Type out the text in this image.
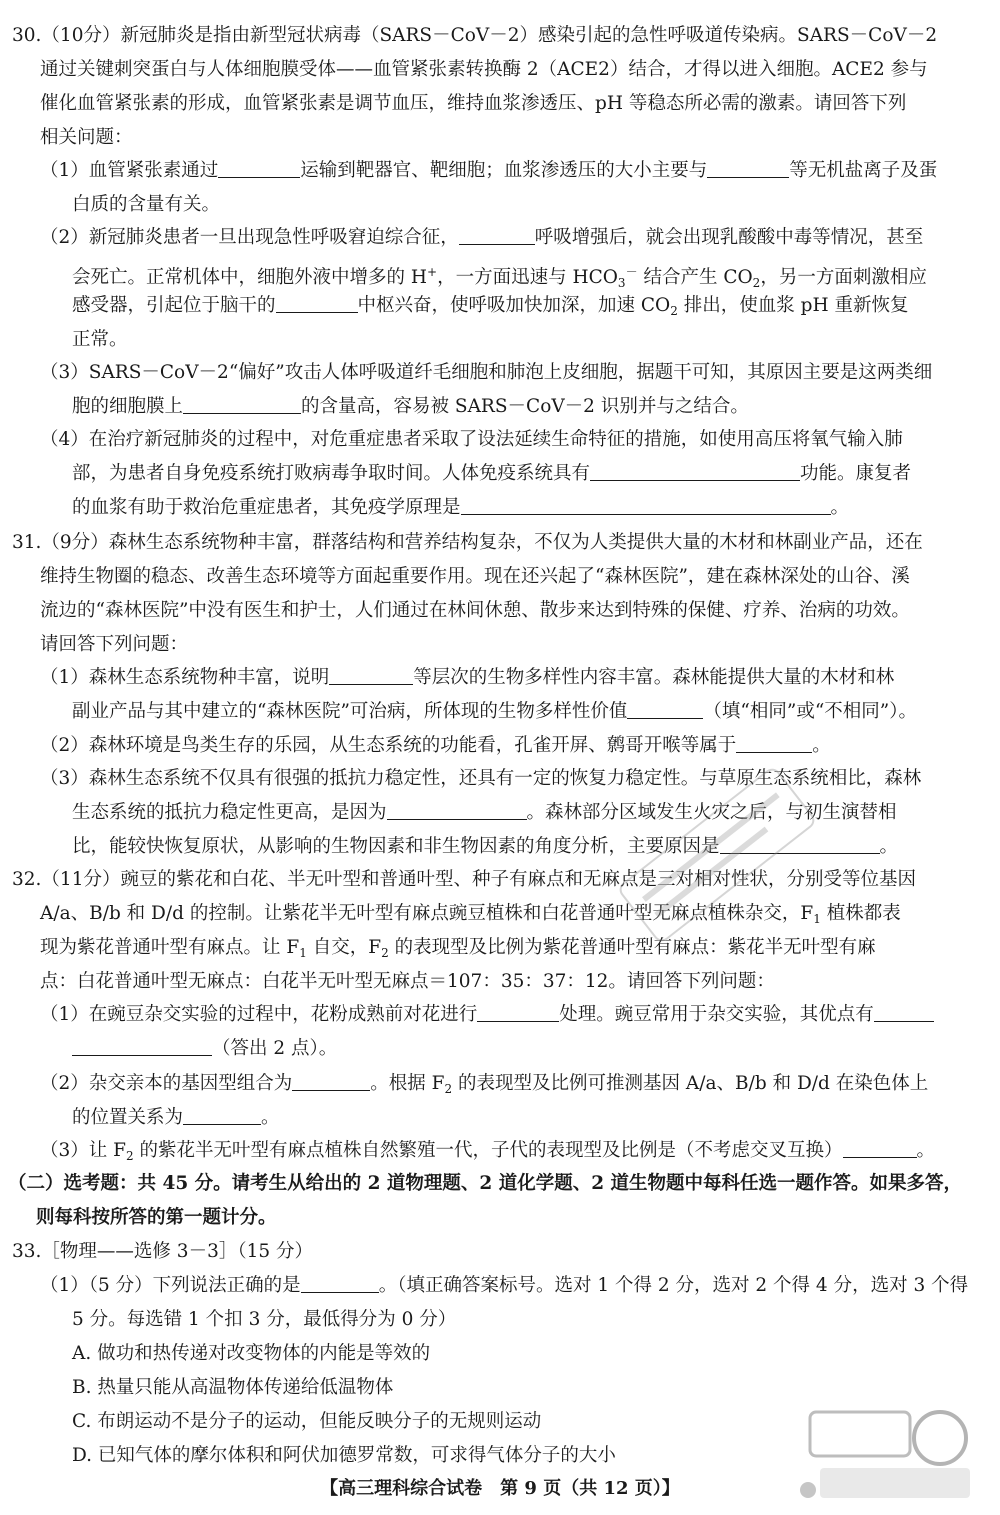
30.（10分）新冠肺炎是指由新型冠状病毒（SARS－CoV－2）感染引起的急性呼吸道传染病。SARS－CoV－2
通过关键刺突蛋白与人体细胞膜受体——血管紧张素转换酶 2（ACE2）结合，才得以进入细胞。ACE2 参与
催化血管紧张素的形成，血管紧张素是调节血压，维持血浆渗透压、pH 等稳态所必需的激素。请回答下列
相关问题：
（1）血管紧张素通过	运输到靶器官、靶细胞；血浆渗透压的大小主要与	等无机盐离子及蛋
白质的含量有关。
（2）新冠肺炎患者一旦出现急性呼吸窘迫综合征，	呼吸增强后，就会出现乳酸酸中毒等情况，甚至
会死亡。正常机体中，细胞外液中增多的 H+，一方面迅速与 $HCO_3^-$ 结合产生 $CO_2$，另一方面刺激相应
感受器，引起位于脑干的	中枢兴奋，使呼吸加快加深，加速 $CO_2$ 排出，使血浆 pH 重新恢复
正常。
（3）SARS－CoV－2“偏好”攻击人体呼吸道纤毛细胞和肺泡上皮细胞，据题干可知，其原因主要是这两类细
胞的细胞膜上	的含量高，容易被 SARS－CoV－2 识别并与之结合。
（4）在治疗新冠肺炎的过程中，对危重症患者采取了设法延续生命特征的措施，如使用高压将氧气输入肺
部，为患者自身免疫系统打败病毒争取时间。人体免疫系统具有	功能。康复者
的血浆有助于救治危重症患者，其免疫学原理是	。
31.（9分）森林生态系统物种丰富，群落结构和营养结构复杂，不仅为人类提供大量的木材和林副业产品，还在
维持生物圈的稳态、改善生态环境等方面起重要作用。现在还兴起了“森林医院”，建在森林深处的山谷、溪
流边的“森林医院”中没有医生和护士，人们通过在林间休憩、散步来达到特殊的保健、疗养、治病的功效。
请回答下列问题：
（1）森林生态系统物种丰富，说明	等层次的生物多样性内容丰富。森林能提供大量的木材和林
副业产品与其中建立的“森林医院”可治病，所体现的生物多样性价值	（填“相同”或“不相同”）。
（2）森林环境是鸟类生存的乐园，从生态系统的功能看，孔雀开屏、鹩哥开喉等属于	。
（3）森林生态系统不仅具有很强的抵抗力稳定性，还具有一定的恢复力稳定性。与草原生态系统相比，森林
生态系统的抵抗力稳定性更高，是因为	。森林部分区域发生火灾之后，与初生演替相
比，能较快恢复原状，从影响的生物因素和非生物因素的角度分析，主要原因是	。
32.（11分）豌豆的紫花和白花、半无叶型和普通叶型、种子有麻点和无麻点是三对相对性状，分别受等位基因
A/a、B/b 和 D/d 的控制。让紫花半无叶型有麻点豌豆植株和白花普通叶型无麻点植株杂交，$F_1$ 植株都表
现为紫花普通叶型有麻点。让 $F_1$ 自交，$F_2$ 的表现型及比例为紫花普通叶型有麻点：紫花半无叶型有麻
点：白花普通叶型无麻点：白花半无叶型无麻点＝107：35：37：12。请回答下列问题：
（1）在豌豆杂交实验的过程中，花粉成熟前对花进行	处理。豌豆常用于杂交实验，其优点有
（答出 2 点）。
（2）杂交亲本的基因型组合为	。根据 $F_2$ 的表现型及比例可推测基因 A/a、B/b 和 D/d 在染色体上
的位置关系为	。
（3）让 $F_2$ 的紫花半无叶型有麻点植株自然繁殖一代，子代的表现型及比例是（不考虑交叉互换）	。
（二）选考题：共 45 分。请考生从给出的 2 道物理题、2 道化学题、2 道生物题中每科任选一题作答。如果多答，
则每科按所答的第一题计分。
33.［物理——选修 3－3］（15 分）
（1）（5 分）下列说法正确的是	。（填正确答案标号。选对 1 个得 2 分，选对 2 个得 4 分，选对 3 个得
5 分。每选错 1 个扣 3 分，最低得分为 0 分）
A. 做功和热传递对改变物体的内能是等效的
B. 热量只能从高温物体传递给低温物体
C. 布朗运动不是分子的运动，但能反映分子的无规则运动
D. 已知气体的摩尔体积和阿伏加德罗常数，可求得气体分子的大小
【高三理科综合试卷　第 9 页（共 12 页）】
